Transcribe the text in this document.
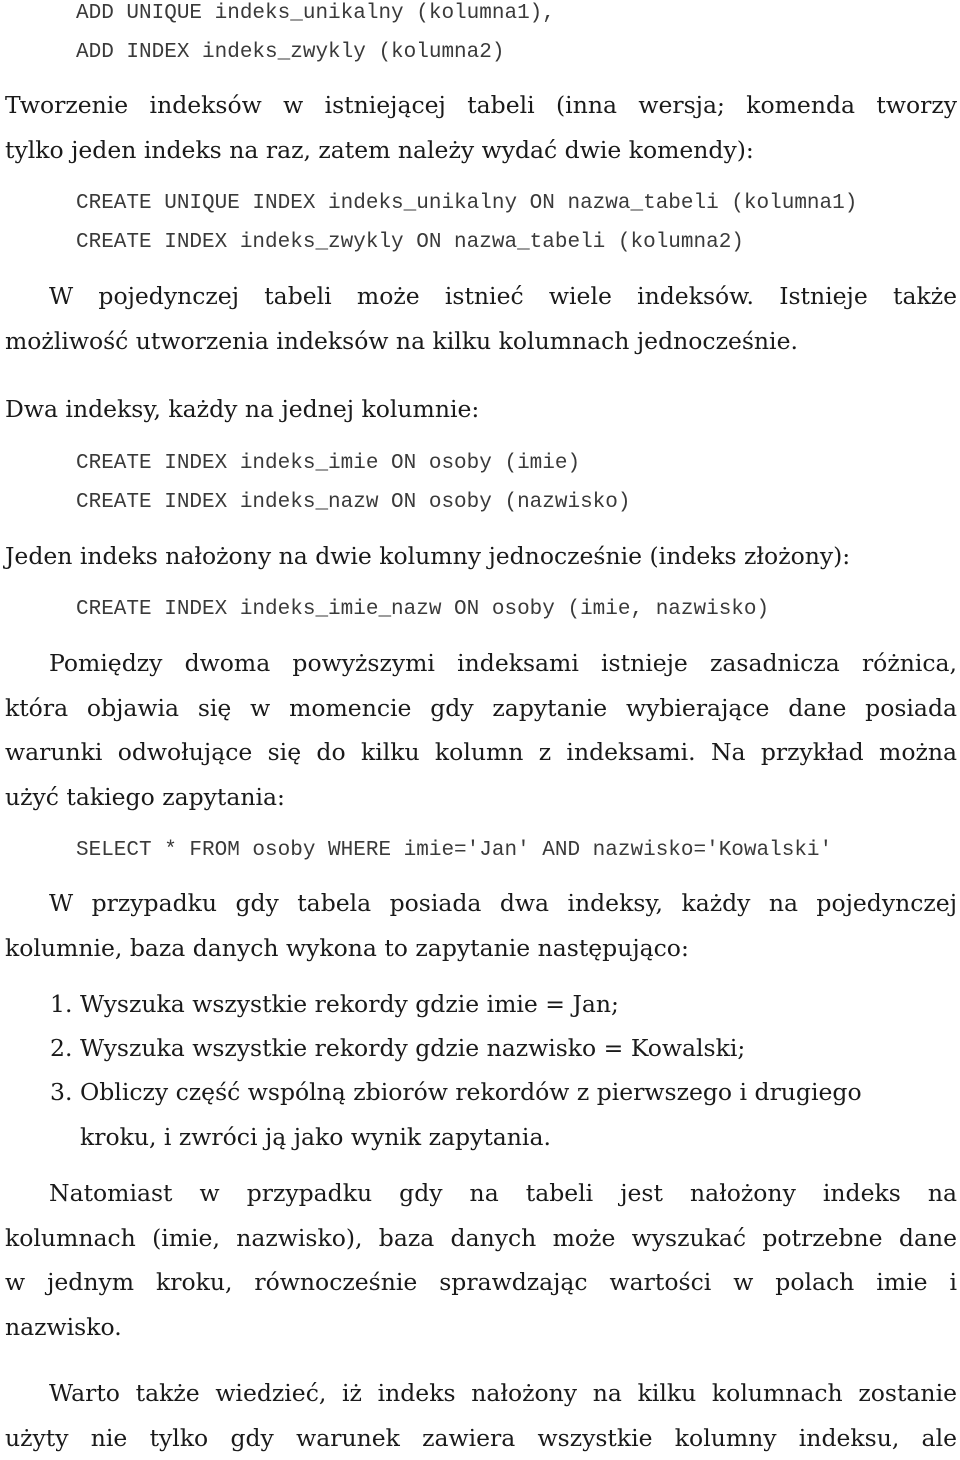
ADD UNIQUE indeks_unikalny (kolumna1),
ADD INDEX indeks_zwykly (kolumna2)

Tworzenie indeksów w istniejącej tabeli (inna wersja; komenda tworzy
tylko jeden indeks na raz, zatem należy wydać dwie komendy):

CREATE UNIQUE INDEX indeks_unikalny ON nazwa_tabeli (kolumna1)
CREATE INDEX indeks_zwykly ON nazwa_tabeli (kolumna2)

W pojedynczej tabeli może istnieć wiele indeksów. Istnieje także
możliwość utworzenia indeksów na kilku kolumnach jednocześnie.

Dwa indeksy, każdy na jednej kolumnie:

CREATE INDEX indeks_imie ON osoby (imie)
CREATE INDEX indeks_nazw ON osoby (nazwisko)

Jeden indeks nałożony na dwie kolumny jednocześnie (indeks złożony):

CREATE INDEX indeks_imie_nazw ON osoby (imie, nazwisko)

Pomiędzy dwoma powyższymi indeksami istnieje zasadnicza różnica,
która objawia się w momencie gdy zapytanie wybierające dane posiada
warunki odwołujące się do kilku kolumn z indeksami. Na przykład można
użyć takiego zapytania:

SELECT * FROM osoby WHERE imie='Jan' AND nazwisko='Kowalski'

W przypadku gdy tabela posiada dwa indeksy, każdy na pojedynczej
kolumnie, baza danych wykona to zapytanie następująco:

1. Wyszuka wszystkie rekordy gdzie imie = Jan;
2. Wyszuka wszystkie rekordy gdzie nazwisko = Kowalski;
3. Obliczy część wspólną zbiorów rekordów z pierwszego i drugiego
kroku, i zwróci ją jako wynik zapytania.

Natomiast w przypadku gdy na tabeli jest nałożony indeks na
kolumnach (imie, nazwisko), baza danych może wyszukać potrzebne dane
w jednym kroku, równocześnie sprawdzając wartości w polach imie i
nazwisko.

Warto także wiedzieć, iż indeks nałożony na kilku kolumnach zostanie
użyty nie tylko gdy warunek zawiera wszystkie kolumny indeksu, ale
